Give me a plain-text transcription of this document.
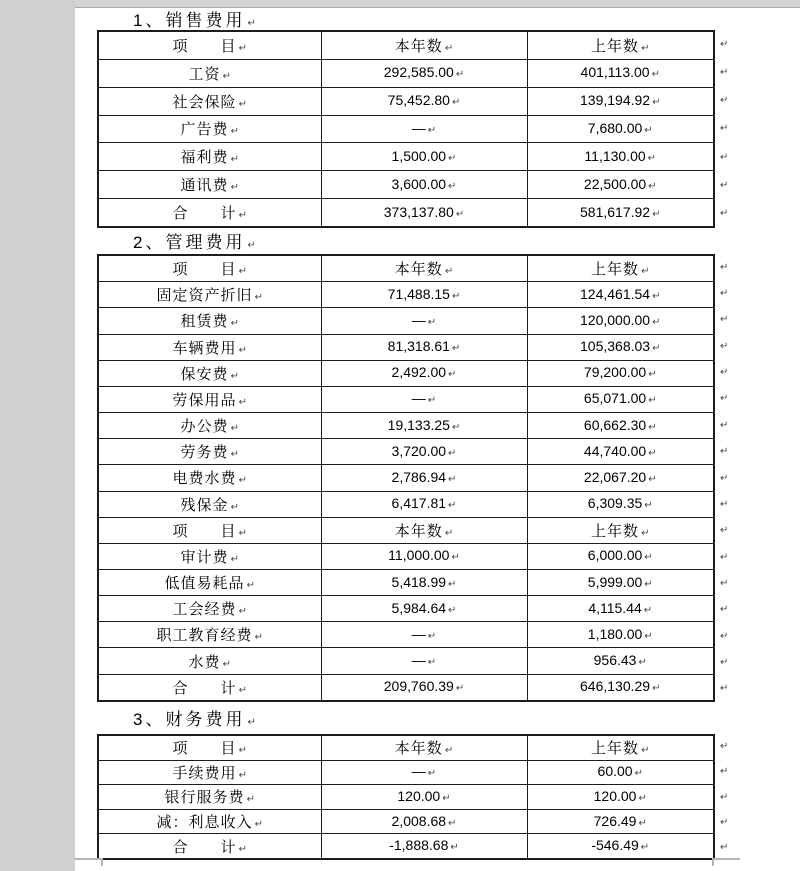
1、销售费用 ↵
项　　目 ↵	本年数 ↵	上年数 ↵
工资 ↵	292,585.00 ↵	401,113.00 ↵
社会保险 ↵	75,452.80 ↵	139,194.92 ↵
广告费 ↵	— ↵	7,680.00 ↵
福利费 ↵	1,500.00 ↵	11,130.00 ↵
通讯费 ↵	3,600.00 ↵	22,500.00 ↵
合　　计 ↵	373,137.80 ↵	581,617.92 ↵
↵
↵
↵
↵
↵
↵
↵
2、管理费用 ↵
项　　目 ↵	本年数 ↵	上年数 ↵
固定资产折旧 ↵	71,488.15 ↵	124,461.54 ↵
租赁费 ↵	— ↵	120,000.00 ↵
车辆费用 ↵	81,318.61 ↵	105,368.03 ↵
保安费 ↵	2,492.00 ↵	79,200.00 ↵
劳保用品 ↵	— ↵	65,071.00 ↵
办公费 ↵	19,133.25 ↵	60,662.30 ↵
劳务费 ↵	3,720.00 ↵	44,740.00 ↵
电费水费 ↵	2,786.94 ↵	22,067.20 ↵
残保金 ↵	6,417.81 ↵	6,309.35 ↵
项　　目 ↵	本年数 ↵	上年数 ↵
审计费 ↵	11,000.00 ↵	6,000.00 ↵
低值易耗品 ↵	5,418.99 ↵	5,999.00 ↵
工会经费 ↵	5,984.64 ↵	4,115.44 ↵
职工教育经费 ↵	— ↵	1,180.00 ↵
水费 ↵	— ↵	956.43 ↵
合　　计 ↵	209,760.39 ↵	646,130.29 ↵
↵
↵
↵
↵
↵
↵
↵
↵
↵
↵
↵
↵
↵
↵
↵
↵
↵
3、财务费用 ↵
项　　目 ↵	本年数 ↵	上年数 ↵
手续费用 ↵	— ↵	60.00 ↵
银行服务费 ↵	120.00 ↵	120.00 ↵
减：利息收入 ↵	2,008.68 ↵	726.49 ↵
合　　计 ↵	-1,888.68 ↵	-546.49 ↵
↵
↵
↵
↵
↵
